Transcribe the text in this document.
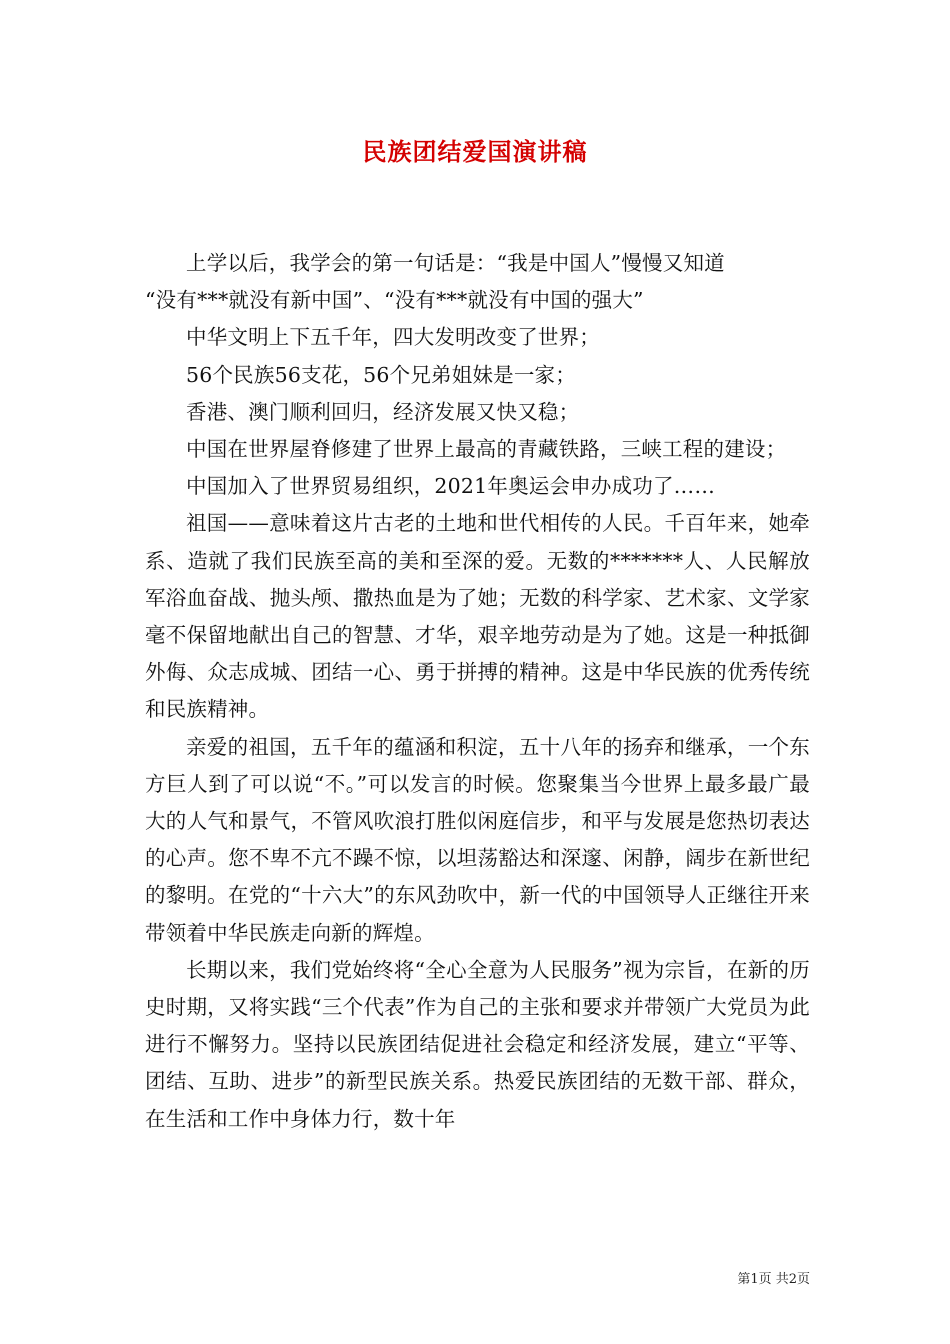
民族团结爱国演讲稿

上学以后，我学会的第一句话是：“我是中国人”慢慢又知道

“没有***就没有新中国”、“没有***就没有中国的强大”

中华文明上下五千年，四大发明改变了世界；

56个民族56支花，56个兄弟姐妹是一家；

香港、澳门顺利回归，经济发展又快又稳；

中国在世界屋脊修建了世界上最高的青藏铁路，三峡工程的建设；

中国加入了世界贸易组织，2021年奥运会申办成功了……

祖国——意味着这片古老的土地和世代相传的人民。千百年来，她牵系、造就了我们民族至高的美和至深的爱。无数的*******人、人民解放军浴血奋战、抛头颅、撒热血是为了她；无数的科学家、艺术家、文学家毫不保留地献出自己的智慧、才华，艰辛地劳动是为了她。这是一种抵御外侮、众志成城、团结一心、勇于拼搏的精神。这是中华民族的优秀传统和民族精神。

亲爱的祖国，五千年的蕴涵和积淀，五十八年的扬弃和继承，一个东方巨人到了可以说“不。”可以发言的时候。您聚集当今世界上最多最广最大的人气和景气，不管风吹浪打胜似闲庭信步，和平与发展是您热切表达的心声。您不卑不亢不躁不惊，以坦荡豁达和深邃、闲静，阔步在新世纪的黎明。在党的“十六大”的东风劲吹中，新一代的中国领导人正继往开来带领着中华民族走向新的辉煌。

长期以来，我们党始终将“全心全意为人民服务”视为宗旨，在新的历史时期，又将实践“三个代表”作为自己的主张和要求并带领广大党员为此进行不懈努力。坚持以民族团结促进社会稳定和经济发展，建立“平等、团结、互助、进步”的新型民族关系。热爱民族团结的无数干部、群众，在生活和工作中身体力行，数十年

第1页 共2页
